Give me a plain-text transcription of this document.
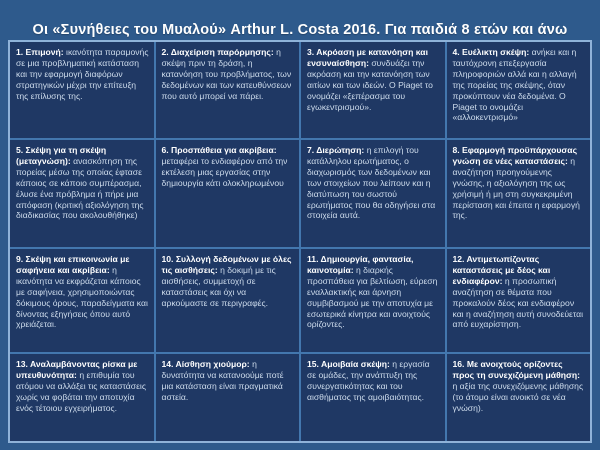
Οι «Συνήθειες του Μυαλού» Arthur L. Costa 2016. Για παιδιά 8 ετών και άνω
1. Επιμονή: ικανότητα παραμονής σε μια προβληματική κατάσταση και την εφαρμογή διαφόρων στρατηγικών μέχρι την επίτευξη της επίλυσης της.
2. Διαχείριση παρόρμησης: η σκέψη πριν τη δράση, η κατανόηση του προβλήματος, των δεδομένων και των κατευθύνσεων που αυτό μπορεί να πάρει.
3. Ακρόαση με κατανόηση και ενσυναίσθηση: συνδυάζει την ακρόαση και την κατανόηση των αιτίων και των ιδεών. Ο Piaget το ονομάζει «ξεπέρασμα του εγωκεντρισμού».
4. Ευέλικτη σκέψη: ανήκει και η ταυτόχρονη επεξεργασία πληροφοριών αλλά και η αλλαγή της πορείας της σκέψης, όταν προκύπτουν νέα δεδομένα. Ο Piaget το ονομάζει «αλλοκεντρισμό»
5. Σκέψη για τη σκέψη (μεταγνώση): ανασκόπηση της πορείας μέσω της οποίας έφτασε κάποιος σε κάποιο συμπέρασμα, έλυσε ένα πρόβλημα ή πήρε μια απόφαση (κριτική αξιολόγηση της διαδικασίας που ακολουθήθηκε)
6. Προσπάθεια για ακρίβεια: μεταφέρει το ενδιαφέρον από την εκτέλεση μιας εργασίας στην δημιουργία κάτι ολοκληρωμένου
7. Διερώτηση: η επιλογή του κατάλληλου ερωτήματος, ο διαχωρισμός των δεδομένων και των στοιχείων που λείπουν και η διατύπωση του σωστού ερωτήματος που θα οδηγήσει στα στοιχεία αυτά.
8. Εφαρμογή προϋπάρχουσας γνώση σε νέες καταστάσεις: η αναζήτηση προηγούμενης γνώσης, η αξιολόγηση της ως χρήσιμή ή μη στη συγκεκριμένη περίσταση και έπειτα η εφαρμογή της.
9. Σκέψη και επικοινωνία με σαφήνεια και ακρίβεια: η ικανότητα να εκφράζεται κάποιος με σαφήνεια, χρησιμοποιώντας δόκιμους όρους, παραδείγματα και δίνοντας εξηγήσεις όπου αυτό χρειάζεται.
10. Συλλογή δεδομένων με όλες τις αισθήσεις: η δοκιμή με τις αισθήσεις, συμμετοχή σε καταστάσεις και όχι να αρκούμαστε σε περιγραφές.
11. Δημιουργία, φαντασία, καινοτομία: η διαρκής προσπάθεια για βελτίωση, εύρεση εναλλακτικής και άρνηση συμβιβασμού με την αποτυχία με εσωτερικά κίνητρα και ανοιχτούς ορίζοντες.
12. Αντιμετωπίζοντας καταστάσεις με δέος και ενδιαφέρον: η προσωπική αναζήτηση σε θέματα που προκαλούν δέος και ενδιαφέρον και η αναζήτηση αυτή συνοδεύεται από ευχαρίστηση.
13. Αναλαμβάνοντας ρίσκα με υπευθυνότητα: η επιθυμία του ατόμου να αλλάξει τις καταστάσεις χωρίς να φοβάται την αποτυχία ενός τέτοιου εγχειρήματος.
14. Αίσθηση χιούμορ: η δυνατότητα να κατανοούμε ποτέ μια κατάσταση είναι πραγματικά αστεία.
15. Αμοιβαία σκέψη: η εργασία σε ομάδες, την ανάπτυξη της συνεργατικότητας και του αισθήματος της αμοιβαιότητας.
16. Με ανοιχτούς ορίζοντες προς τη συνεχιζόμενη μάθηση: η αξία της συνεχιζόμενης μάθησης (το άτομο είναι ανοικτό σε νέα γνώση).
